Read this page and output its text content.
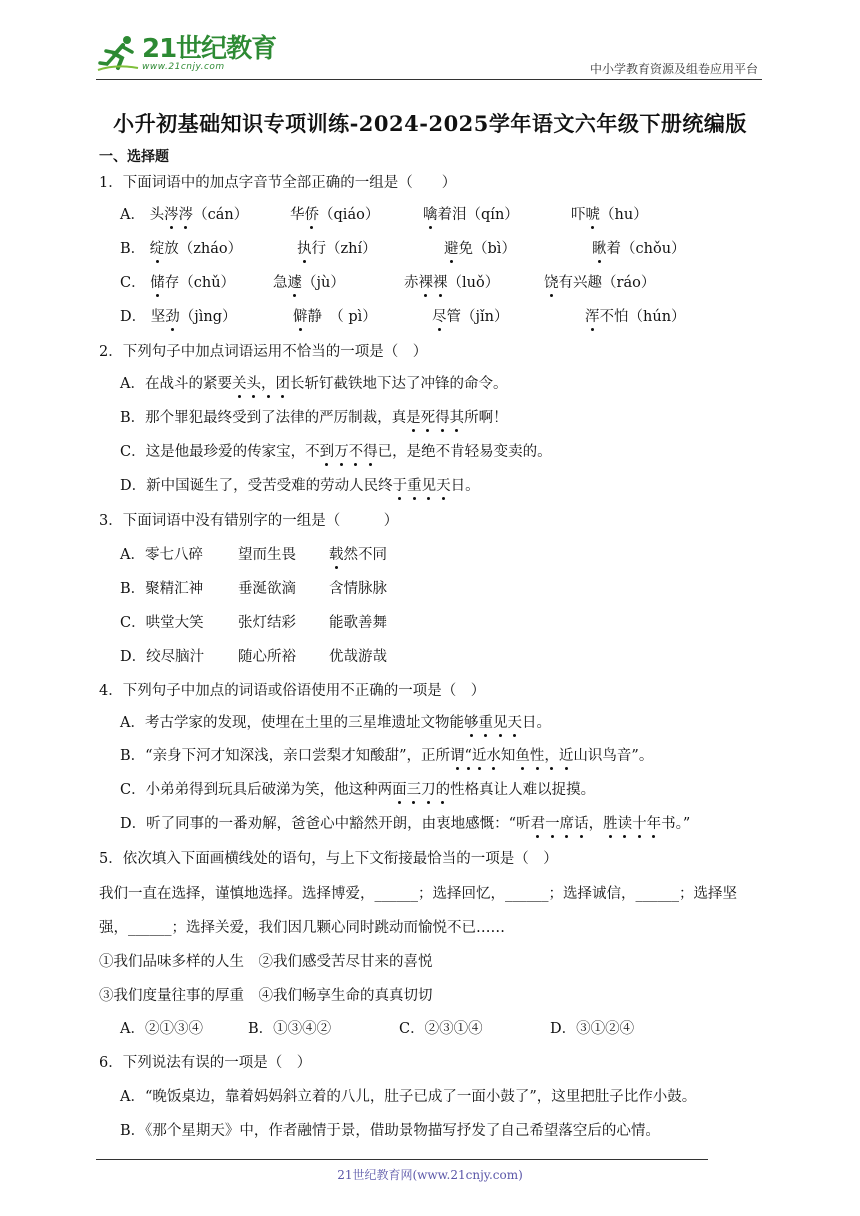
21世纪教育
www.21cnjy.com	中小学教育资源及组卷应用平台
小升初基础知识专项训练-2024-2025学年语文六年级下册统编版
一、选择题
1．下面词语中的加点字音节全部正确的一组是（　　）
A． 头涔涔（cán）	华侨（qiáo）	噙着泪（qín）	吓唬（hu）
B． 绽放（zháo）	执行（zhí）	避免（bì）	瞅着（chǒu）
C． 储存（chǔ）	急遽（jù）	赤裸裸（luǒ）	饶有兴趣（ráo）
D． 坚劲（jìng）	僻静　 （ pì）	尽管（jǐn）	浑不怕（hún）
2．下列句子中加点词语运用不恰当的一项是（　）
A．在战斗的紧要关头，团长斩钉截铁地下达了冲锋的命令。
B．那个罪犯最终受到了法律的严厉制裁，真是死得其所啊！
C．这是他最珍爱的传家宝，不到万不得已，是绝不肯轻易变卖的。
D．新中国诞生了，受苦受难的劳动人民终于重见天日。
3．下面词语中没有错别字的一组是（　　　）
A．零七八碎 望而生畏 载然不同
B．聚精汇神 垂涎欲滴 含情脉脉
C．哄堂大笑 张灯结彩 能歌善舞
D．绞尽脑汁 随心所裕 优哉游哉
4．下列句子中加点的词语或俗语使用不正确的一项是（　）
A．考古学家的发现，使埋在土里的三星堆遗址文物能够重见天日。
B．“亲身下河才知深浅，亲口尝梨才知酸甜”，正所谓“近水知鱼性，近山识鸟音”。
C．小弟弟得到玩具后破涕为笑，他这种两面三刀的性格真让人难以捉摸。
D．听了同事的一番劝解，爸爸心中豁然开朗，由衷地感慨：“听君一席话，胜读十年书。”
5．依次填入下面画横线处的语句，与上下文衔接最恰当的一项是（　）
我们一直在选择，谨慎地选择。选择博爱，______；选择回忆，______；选择诚信，______；选择坚
强，______；选择关爱，我们因几颗心同时跳动而愉悦不已……
①我们品味多样的人生　②我们感受苦尽甘来的喜悦
③我们度量往事的厚重　④我们畅享生命的真真切切
A．②①③④	B．①③④②	C．②③①④	D．③①②④
6．下列说法有误的一项是（　）
A．“晚饭桌边，靠着妈妈斜立着的八儿，肚子已成了一面小鼓了”，这里把肚子比作小鼓。
B．《那个星期天》中，作者融情于景，借助景物描写抒发了自己希望落空后的心情。
21世纪教育网(www.21cnjy.com)
